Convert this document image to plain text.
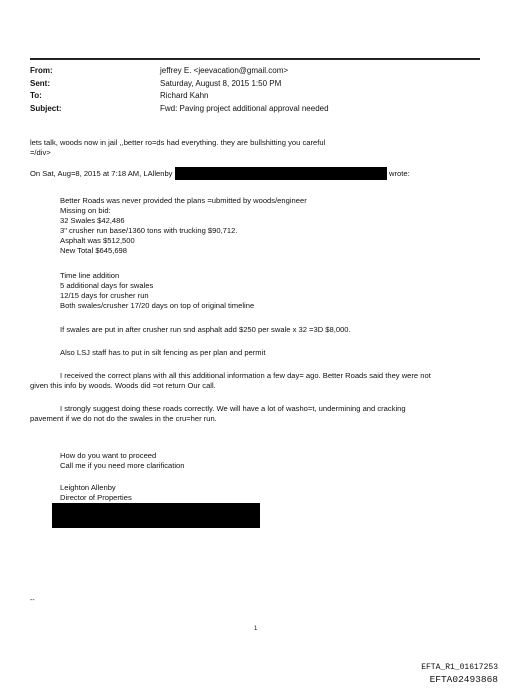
From:	jeffrey E. <jeevacation@gmail.com>
Sent:	Saturday, August 8, 2015 1:50 PM
To:	Richard Kahn
Subject:	Fwd: Paving project additional approval needed
lets talk, woods now in jail ,,better ro=ds had everything. they are bullshitting you careful
=/div>
On Sat, Aug=8, 2015 at 7:18 AM, LAllenby	wrote:
Better Roads was never provided the plans =ubmitted by woods/engineer
Missing on bid:
32 Swales $42,486
3" crusher run base/1360 tons with trucking $90,712.
Asphalt was $512,500
New Total $645,698
Time line addition
5 additional days for swales
12/15 days for crusher run
Both swales/crusher 17/20 days on top of original timeline
If swales are put in after crusher run snd asphalt add $250 per swale x 32 =3D $8,000.
Also LSJ staff has to put in silt fencing as per plan and permit
I received the correct plans with all this additional information a few day= ago. Better Roads said they were not
given this info by woods. Woods did =ot return Our call.
I strongly suggest doing these roads correctly. We will have a lot of washo=t, undermining and cracking
pavement if we do not do the swales in the cru=her run.
How do you want to proceed
Call me if you need more clarification
Leighton Allenby
Director of Properties
--
1
EFTA_R1_01617253
EFTA02493868
